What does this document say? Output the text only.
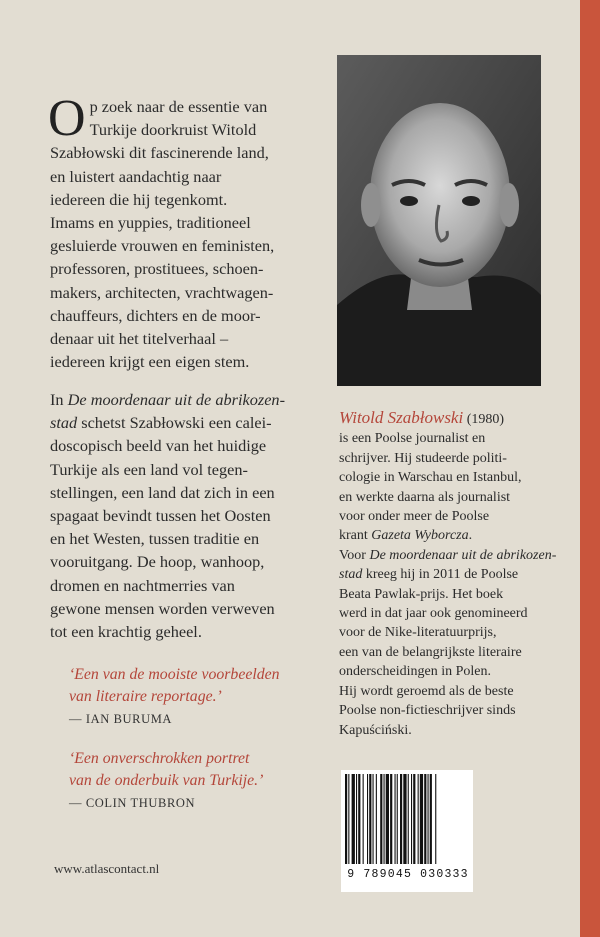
O p zoek naar de essentie van
Turkije doorkruist Witold
Szabłowski dit fascinerende land,
en luistert aandachtig naar
iedereen die hij tegenkomt.
Imams en yuppies, traditioneel
gesluierde vrouwen en feministen,
professoren, prostituees, schoen-
makers, architecten, vrachtwagen-
chauffeurs, dichters en de moor-
denaar uit het titelverhaal –
iedereen krijgt een eigen stem.
In De moordenaar uit de abrikozen-
stad schetst Szabłowski een calei-
doscopisch beeld van het huidige
Turkije als een land vol tegen-
stellingen, een land dat zich in een
spagaat bevindt tussen het Oosten
en het Westen, tussen traditie en
vooruitgang. De hoop, wanhoop,
dromen en nachtmerries van
gewone mensen worden verweven
tot een krachtig geheel.
‘Een van de mooiste voorbeelden
van literaire reportage.’
— IAN BURUMA
‘Een onverschrokken portret
van de onderbuik van Turkije.’
— COLIN THUBRON
www.atlascontact.nl
Witold Szabłowski (1980)
is een Poolse journalist en
schrijver. Hij studeerde politi-
cologie in Warschau en Istanbul,
en werkte daarna als journalist
voor onder meer de Poolse
krant Gazeta Wyborcza.
Voor De moordenaar uit de abrikozen-
stad kreeg hij in 2011 de Poolse
Beata Pawlak-prijs. Het boek
werd in dat jaar ook genomineerd
voor de Nike-literatuurprijs,
een van de belangrijkste literaire
onderscheidingen in Polen.
Hij wordt geroemd als de beste
Poolse non-fictieschrijver sinds
Kapuściński.
9 789045 030333
